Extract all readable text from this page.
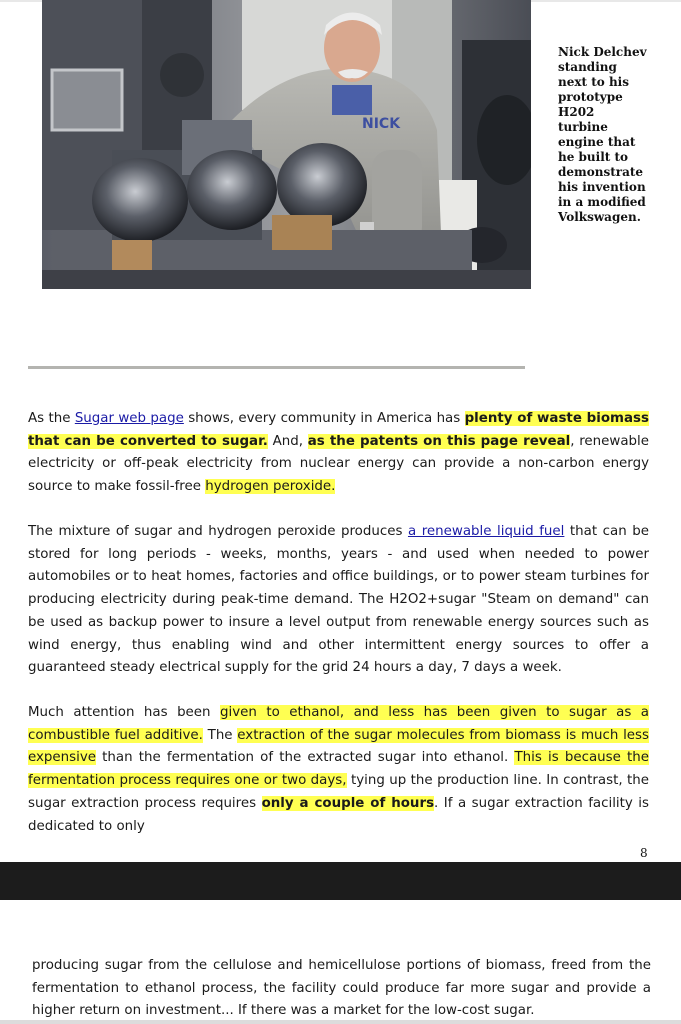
NICK
Nick Delchev standing next to his prototype H202 turbine engine that he built to demonstrate his invention in a modified Volkswagen.

As the Sugar web page shows, every community in America has plenty of waste biomass that can be converted to sugar. And, as the patents on this page reveal, renewable electricity or off-peak electricity from nuclear energy can provide a non-carbon energy source to make fossil-free hydrogen peroxide.

The mixture of sugar and hydrogen peroxide produces a renewable liquid fuel that can be stored for long periods - weeks, months, years - and used when needed to power automobiles or to heat homes, factories and office buildings, or to power steam turbines for producing electricity during peak-time demand. The H2O2+sugar "Steam on demand" can be used as backup power to insure a level output from renewable energy sources such as wind energy, thus enabling wind and other intermittent energy sources to offer a guaranteed steady electrical supply for the grid 24 hours a day, 7 days a week.

Much attention has been given to ethanol, and less has been given to sugar as a combustible fuel additive. The extraction of the sugar molecules from biomass is much less expensive than the fermentation of the extracted sugar into ethanol. This is because the fermentation process requires one or two days, tying up the production line. In contrast, the sugar extraction process requires only a couple of hours. If a sugar extraction facility is dedicated to only

8

producing sugar from the cellulose and hemicellulose portions of biomass, freed from the fermentation to ethanol process, the facility could produce far more sugar and provide a higher return on investment... If there was a market for the low-cost sugar.
